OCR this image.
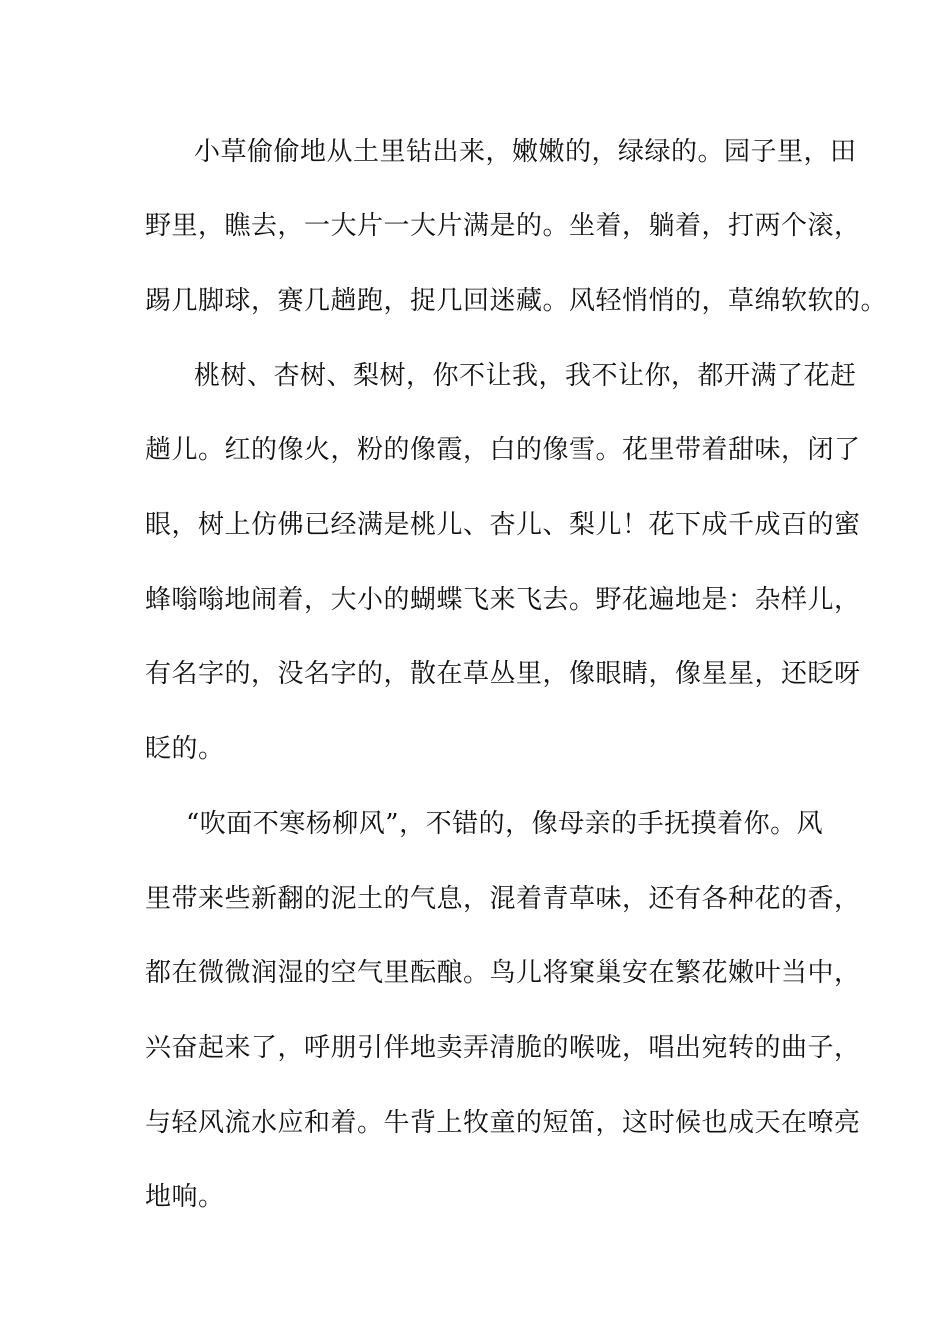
小草偷偷地从土里钻出来，嫩嫩的，绿绿的。园子里，田
野里，瞧去，一大片一大片满是的。坐着，躺着，打两个滚，
踢几脚球，赛几趟跑，捉几回迷藏。风轻悄悄的，草绵软软的。
桃树、杏树、梨树，你不让我，我不让你，都开满了花赶
趟儿。红的像火，粉的像霞，白的像雪。花里带着甜味，闭了
眼，树上仿佛已经满是桃儿、杏儿、梨儿！花下成千成百的蜜
蜂嗡嗡地闹着，大小的蝴蝶飞来飞去。野花遍地是：杂样儿，
有名字的，没名字的，散在草丛里，像眼睛，像星星，还眨呀
眨的。
“吹面不寒杨柳风”，不错的，像母亲的手抚摸着你。风
里带来些新翻的泥土的气息，混着青草味，还有各种花的香，
都在微微润湿的空气里酝酿。鸟儿将窠巢安在繁花嫩叶当中，
兴奋起来了，呼朋引伴地卖弄清脆的喉咙，唱出宛转的曲子，
与轻风流水应和着。牛背上牧童的短笛，这时候也成天在嘹亮
地响。
